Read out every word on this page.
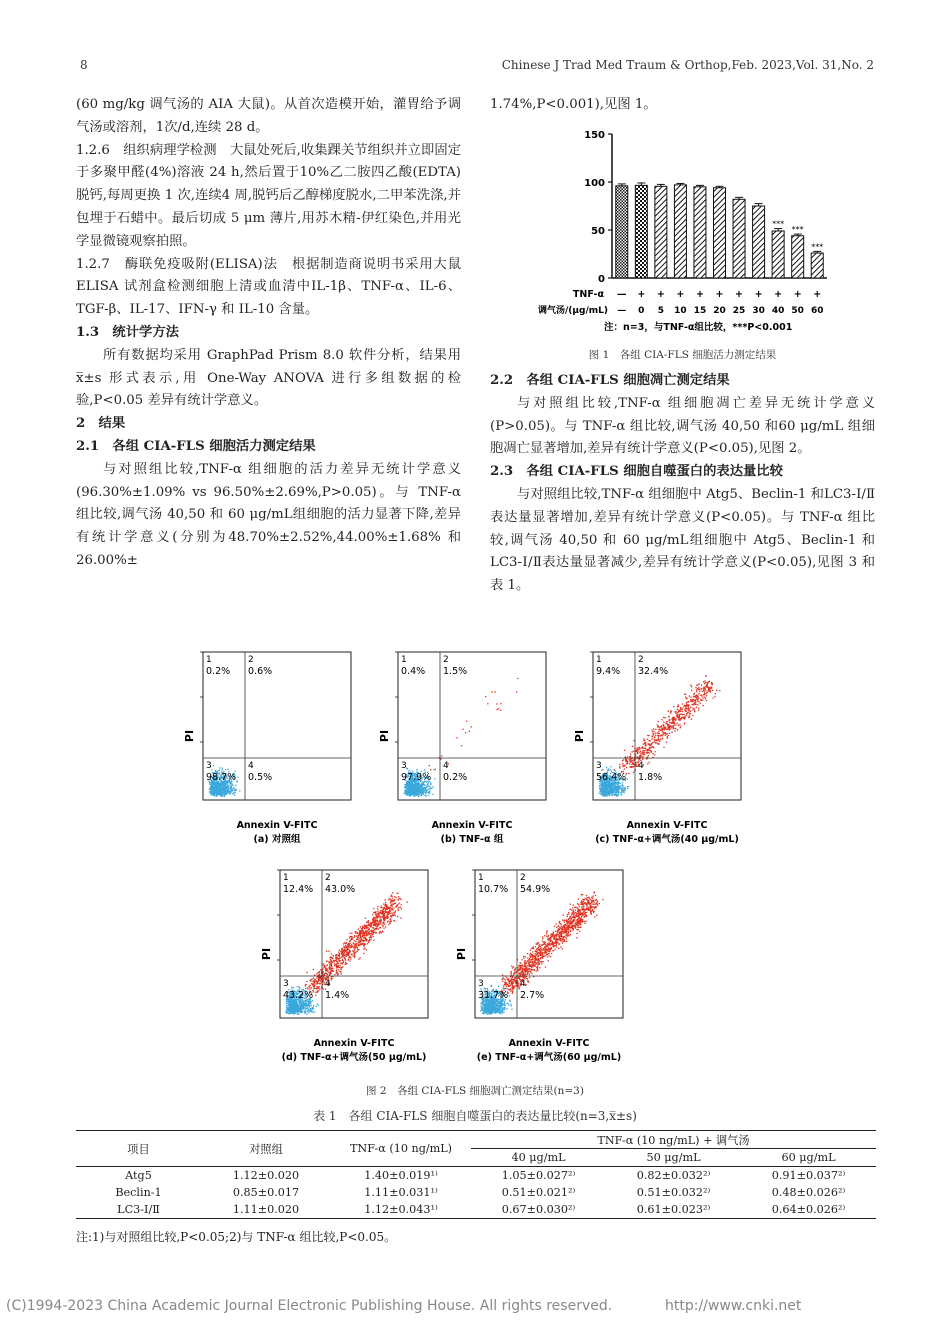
8	Chinese J Trad Med Traum & Orthop,Feb. 2023,Vol. 31,No. 2

(60 mg/kg 调气汤的 AIA 大鼠)。从首次造模开始，灌胃给予调气汤或溶剂，1次/d,连续 28 d。

1.2.6　组织病理学检测　大鼠处死后,收集踝关节组织并立即固定于多聚甲醛(4%)溶液 24 h,然后置于10%乙二胺四乙酸(EDTA)脱钙,每周更换 1 次,连续4 周,脱钙后乙醇梯度脱水,二甲苯洗涤,并包埋于石蜡中。最后切成 5 μm 薄片,用苏木精-伊红染色,并用光学显微镜观察拍照。

1.2.7　酶联免疫吸附(ELISA)法　根据制造商说明书采用大鼠 ELISA 试剂盒检测细胞上清或血清中IL-1β、TNF-α、IL-6、TGF-β、IL-17、IFN-γ 和 IL-10 含量。

1.3　统计学方法

所有数据均采用 GraphPad Prism 8.0 软件分析，结果用 x̅±s 形式表示,用 One-Way ANOVA 进行多组数据的检验,P<0.05 差异有统计学意义。

2　结果

2.1　各组 CIA-FLS 细胞活力测定结果

与对照组比较,TNF-α 组细胞的活力差异无统计学意义(96.30%±1.09% vs 96.50%±2.69%,P>0.05)。与 TNF-α 组比较,调气汤 40,50 和 60 μg/mL组细胞的活力显著下降,差异有统计学意义(分别为48.70%±2.52%,44.00%±1.68% 和 26.00%±

1.74%,P<0.001),见图 1。

0
50
100
150
—
—
+
0
+
5
+
10
+
15
+
20
+
25
+
30
***
+
40
***
+
50
***
+
60
TNF-α
调气汤/(μg/mL)
注：n=3，与TNF-α组比较，***P<0.001
图 1　各组 CIA-FLS 细胞活力测定结果

2.2　各组 CIA-FLS 细胞凋亡测定结果

与对照组比较,TNF-α 组细胞凋亡差异无统计学意义(P>0.05)。与 TNF-α 组比较,调气汤 40,50 和60 μg/mL 组细胞凋亡显著增加,差异有统计学意义(P<0.05),见图 2。

2.3　各组 CIA-FLS 细胞自噬蛋白的表达量比较

与对照组比较,TNF-α 组细胞中 Atg5、Beclin-1 和LC3-Ⅰ/Ⅱ表达量显著增加,差异有统计学意义(P<0.05)。与 TNF-α 组比较,调气汤 40,50 和 60 μg/mL组细胞中 Atg5、Beclin-1 和 LC3-Ⅰ/Ⅱ表达量显著减少,差异有统计学意义(P<0.05),见图 3 和表 1。

PI
1	2
3	4
0.2% 0.6%
98.7% 0.5%
Annexin V-FITC
(a) 对照组
PI
1	2
3	4
0.4% 1.5%
97.9% 0.2%
Annexin V-FITC
(b) TNF-α 组
PI
1	2
3	4
9.4% 32.4%
56.4% 1.8%
Annexin V-FITC
(c) TNF-α+调气汤(40 μg/mL)
PI
1	2
3	4
12.4% 43.0%
43.2% 1.4%
Annexin V-FITC
(d) TNF-α+调气汤(50 μg/mL)
PI
1	2
3	4
10.7% 54.9%
31.7% 2.7%
Annexin V-FITC
(e) TNF-α+调气汤(60 μg/mL)
图 2　各组 CIA-FLS 细胞凋亡测定结果(n=3)
表 1　各组 CIA-FLS 细胞自噬蛋白的表达量比较(n=3,x̅±s)
项目	对照组	TNF-α (10 ng/mL)	TNF-α (10 ng/mL) + 调气汤		
			40 μg/mL	50 μg/mL	60 μg/mL
Atg5	1.12±0.020	1.40±0.019¹⁾	1.05±0.027²⁾	0.82±0.032²⁾	0.91±0.037²⁾
Beclin-1	0.85±0.017	1.11±0.031¹⁾	0.51±0.021²⁾	0.51±0.032²⁾	0.48±0.026²⁾
LC3-Ⅰ/Ⅱ	1.11±0.020	1.12±0.043¹⁾	0.67±0.030²⁾	0.61±0.023²⁾	0.64±0.026²⁾
注:1)与对照组比较,P<0.05;2)与 TNF-α 组比较,P<0.05。
(C)1994-2023 China Academic Journal Electronic Publishing House. All rights reserved.	http://www.cnki.net
